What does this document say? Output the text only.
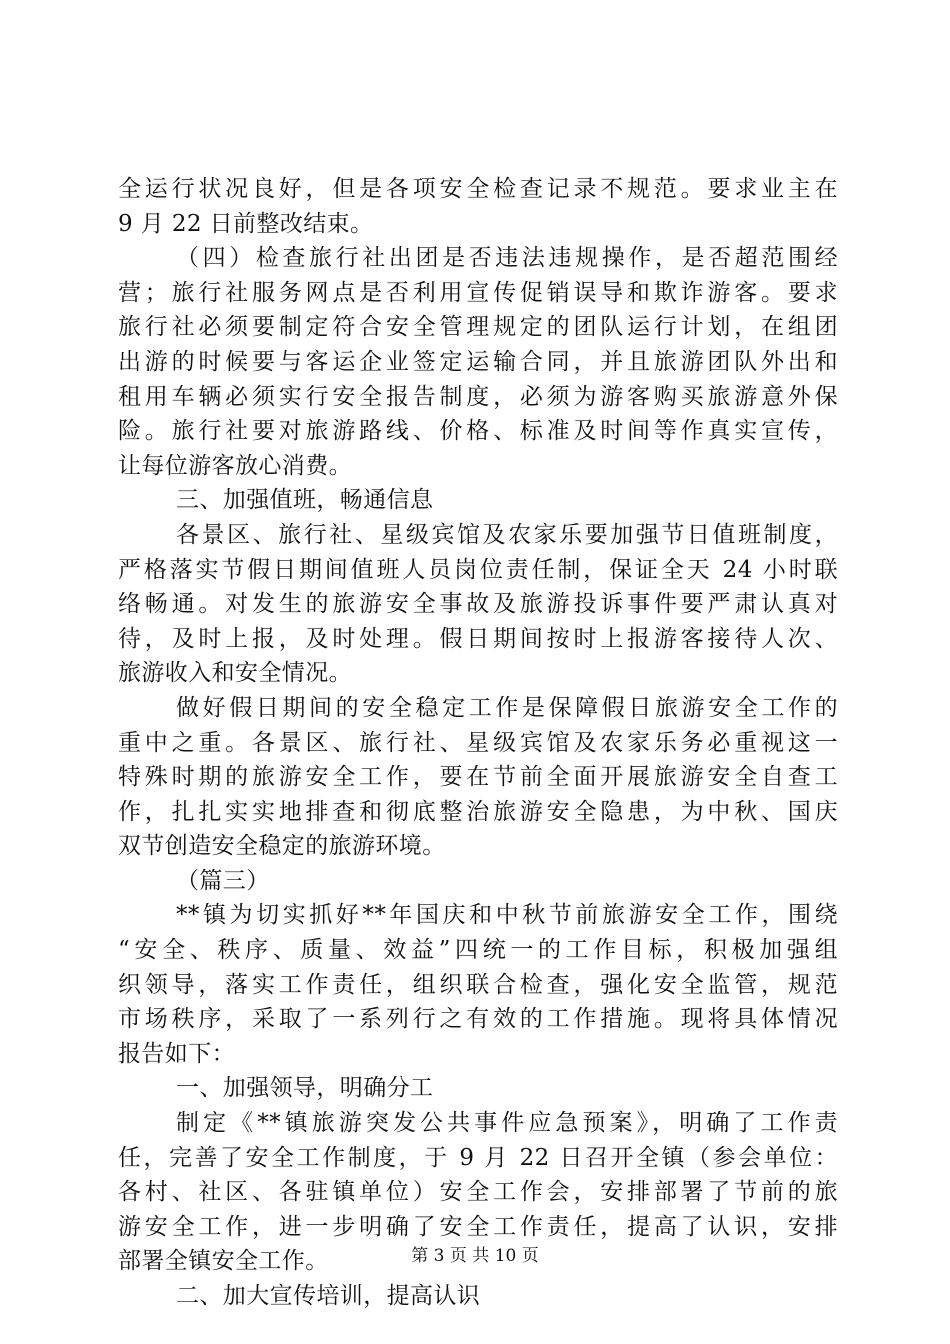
全运行状况良好，但是各项安全检查记录不规范。要求业主在
9 月 22 日前整改结束。
（四）检查旅行社出团是否违法违规操作，是否超范围经
营；旅行社服务网点是否利用宣传促销误导和欺诈游客。要求
旅行社必须要制定符合安全管理规定的团队运行计划，在组团
出游的时候要与客运企业签定运输合同，并且旅游团队外出和
租用车辆必须实行安全报告制度，必须为游客购买旅游意外保
险。旅行社要对旅游路线、价格、标准及时间等作真实宣传，
让每位游客放心消费。
三、加强值班，畅通信息
各景区、旅行社、星级宾馆及农家乐要加强节日值班制度，
严格落实节假日期间值班人员岗位责任制，保证全天 24 小时联
络畅通。对发生的旅游安全事故及旅游投诉事件要严肃认真对
待，及时上报，及时处理。假日期间按时上报游客接待人次、
旅游收入和安全情况。
做好假日期间的安全稳定工作是保障假日旅游安全工作的
重中之重。各景区、旅行社、星级宾馆及农家乐务必重视这一
特殊时期的旅游安全工作，要在节前全面开展旅游安全自查工
作，扎扎实实地排查和彻底整治旅游安全隐患，为中秋、国庆
双节创造安全稳定的旅游环境。
（篇三）
**镇为切实抓好**年国庆和中秋节前旅游安全工作，围绕
“安全、秩序、质量、效益”四统一的工作目标，积极加强组
织领导，落实工作责任，组织联合检查，强化安全监管，规范
市场秩序，采取了一系列行之有效的工作措施。现将具体情况
报告如下：
一、加强领导，明确分工
制定《**镇旅游突发公共事件应急预案》，明确了工作责
任，完善了安全工作制度，于 9 月 22 日召开全镇（参会单位：
各村、社区、各驻镇单位）安全工作会，安排部署了节前的旅
游安全工作，进一步明确了安全工作责任，提高了认识，安排
部署全镇安全工作。
二、加大宣传培训，提高认识
第 3 页 共 10 页
